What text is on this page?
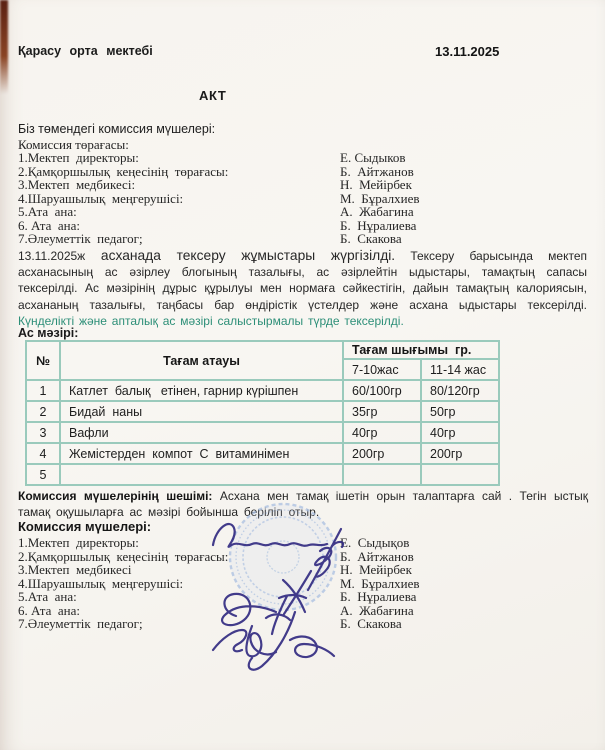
Қарасу орта мектебі	13.11.2025
АКТ
Біз төмендегі комиссия мүшелері:
Комиссия төрағасы:
1.Мектеп  директоры:	Е. Сыдыков
2.Қамқоршылық  кеңесінің  төрағасы:	Б.  Айтжанов
3.Мектеп  медбикесі:	Н.  Мейірбек
4.Шаруашылық  меңгерушісі:	М.  Бұралхиев
5.Ата  ана:	А.  Жабагина
6. Ата  ана:	Б.  Нұралиева
7.Әлеуметтік  педагог;	Б.  Скакова
13.11.2025ж асханада тексеру жұмыстары жүргізілді. Тексеру барысында мектеп асханасының ас әзірлеу блогының тазалығы, ас әзірлейтін ыдыстары, тамақтың сапасы тексерілді. Ас мәзірінің дұрыс құрылуы мен нормаға сәйкестігін, дайын тамақтың калориясын, асхананың тазалығы, таңбасы бар өндірістік үстелдер және асхана ыдыстары тексерілді. Күнделікті және апталық ас мәзірі салыстырмалы түрде тексерілді.
Ас мәзірі:
№	Тағам атауы	Тағам шығымы  гр.	
		7-10жас	11-14 жас
1	Катлет  балық   етінен, гарнир күрішпен	60/100гр	80/120гр
2	Бидай  наны	35гр	50гр
3	Вафли	40гр	40гр
4	Жемістерден  компот  С  витаминімен	200гр	200гр
5			
Комиссия мүшелерінің шешімі: Асхана мен тамақ ішетін орын талаптарға сай . Тегін ыстық тамақ оқушыларға ас мәзірі бойынша беріліп отыр.
Комиссия мүшелері:
1.Мектеп  директоры:	Е.  Сыдықов
2.Қамқоршылық  кеңесінің  төрағасы:	Б.  Айтжанов
3.Мектеп  медбикесі	Н.  Мейірбек
4.Шаруашылық  меңгерушісі:	М.  Бұралхиев
5.Ата  ана:	Б.  Нұралиева
6. Ата  ана:	А.  Жабағина
7.Әлеуметтік  педагог;	Б.  Скакова
